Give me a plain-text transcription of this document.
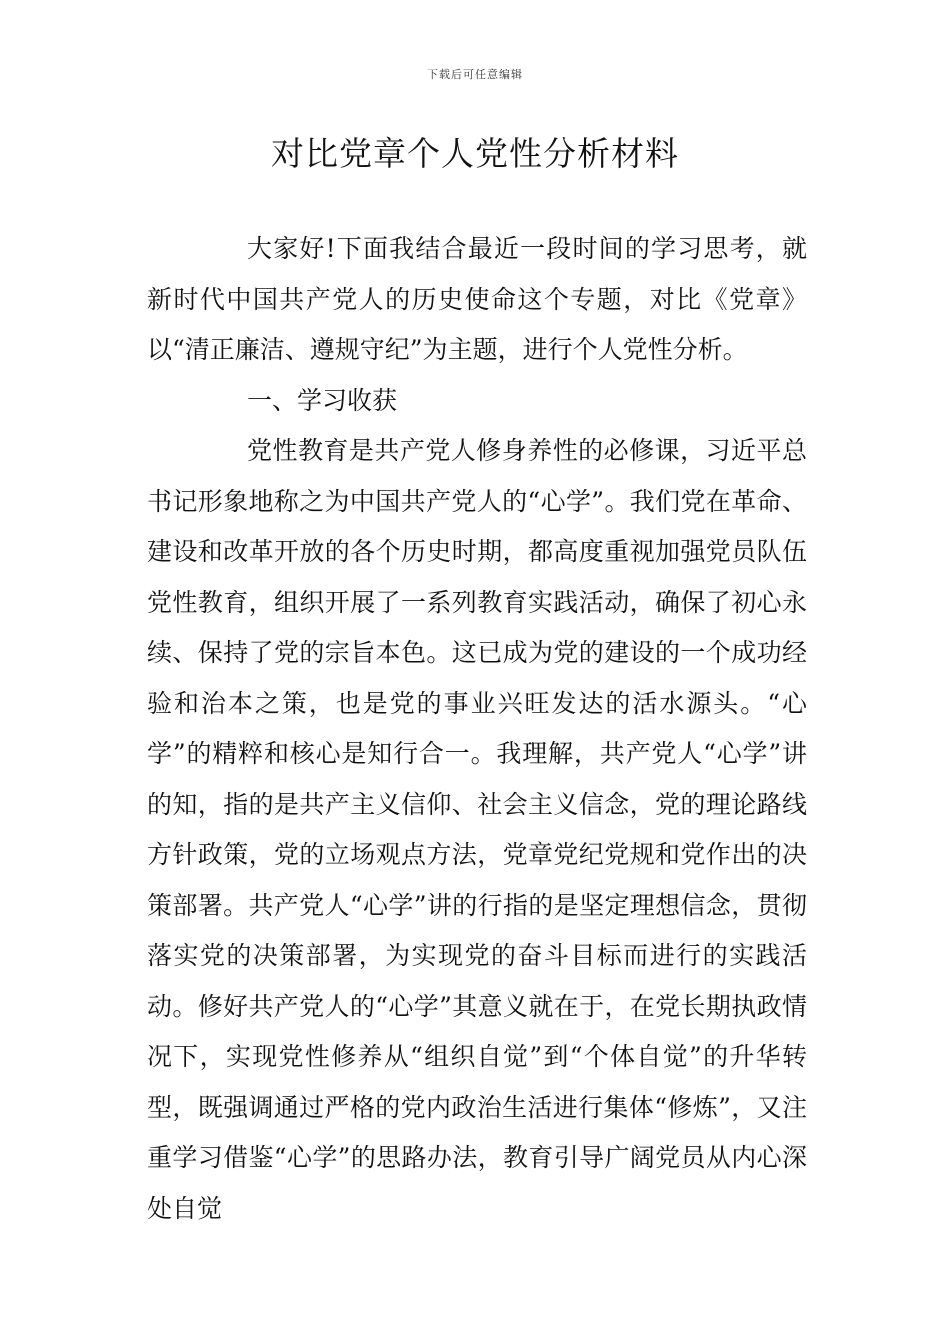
下载后可任意编辑
对比党章个人党性分析材料

大家好!下面我结合最近一段时间的学习思考，就新时代中国共产党人的历史使命这个专题，对比《党章》以“清正廉洁、遵规守纪”为主题，进行个人党性分析。

一、学习收获

党性教育是共产党人修身养性的必修课，习近平总书记形象地称之为中国共产党人的“心学”。我们党在革命、建设和改革开放的各个历史时期，都高度重视加强党员队伍党性教育，组织开展了一系列教育实践活动，确保了初心永续、保持了党的宗旨本色。这已成为党的建设的一个成功经验和治本之策，也是党的事业兴旺发达的活水源头。“心学”的精粹和核心是知行合一。我理解，共产党人“心学”讲的知，指的是共产主义信仰、社会主义信念，党的理论路线方针政策，党的立场观点方法，党章党纪党规和党作出的决策部署。共产党人“心学”讲的行指的是坚定理想信念，贯彻落实党的决策部署，为实现党的奋斗目标而进行的实践活动。修好共产党人的“心学”其意义就在于，在党长期执政情况下，实现党性修养从“组织自觉”到“个体自觉”的升华转型，既强调通过严格的党内政治生活进行集体“修炼”，又注重学习借鉴“心学”的思路办法，教育引导广阔党员从内心深处自觉
